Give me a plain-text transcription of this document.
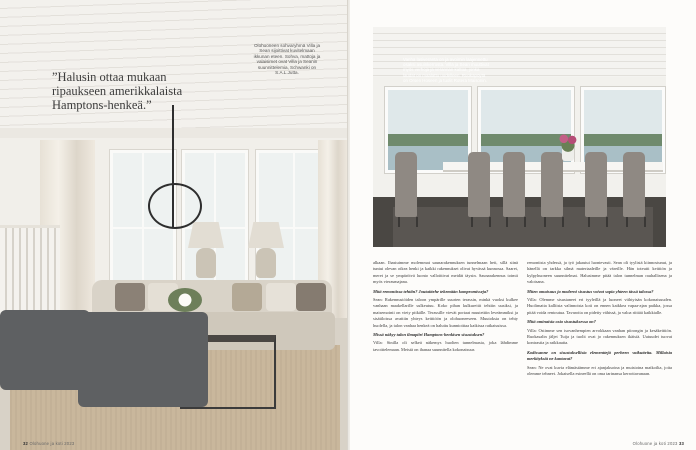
”Halusin ottaa mukaan ripaukseen amerikkalaista Hamptons-henkeä.”
Olohuoneen sohvaryhmä Villa ja Sean sijoittivat kuvitelmaan ikkunan eteen. Sohva, mattoja ja valaisimet ovat Villa ja Seanin suunnittelemia, Schwanki on S.A.L.Jutta.
32 Olohuone ja koti 2023
Vanha lasiveranta on ja avoimin laajennettu osaksi asuinkerrosta. Villa ja Sean muuttivat myös verhoja ja verannan kattoa, jonka laudat on maalattu uudelleen. Ruokapöytä on Orsen Hoseen ja tuolit Rotera Maisonin.

alkaan. Ihastuimme molemmat saunarakennuksen tunnelmaan heti, sillä siinä tuntui olevan oikea henki ja kaikki rakennukset olivat hyvässä kunnossa. Saaret, meret ja se ympäröivä luonto valloittivat meidät täysin. Saunarakennus toimii myös vierasmajana.

Mitä remontissa tehtiin? Joutuittehe tekemään kompromisseja?

Sean: Rakennustöiden taloon ympärille suurten terassin, minkä vuoksi kulkee vanhaan maakellarille sulkeutuu. Koko pihan kulkureitit tehtiin uusiksi, ja maisemointi on viety pitkälle. Terassille vievät portaat muutettiin leveämmiksi ja sisätiloissa avattiin yhteys keittiöön ja olohuoneeseen. Muutoksia on tehty huolella, ja talon vanhaa henkeä on haluttu kunnioittaa kaikissa ratkaisuissa.

Missä näkyy talon ilmapiiri Hamptons-henkisen sisustuksen?

Villa: Sinilla oli selkeä näkemys huolten tunnelmasta, joka lähdimme tavoittelemaan. Meistä on ihanaa suunnitella kokonaisuus

remontista yhdessä, ja työ jakautui luontevasti. Sean oli tyylistä kiinnostunut, ja hänellä on tarkka silmä materiaaleille ja väreille. Hän toteutti keittiön ja kylpyhuoneen suunnitelmat. Halusimme pitää talon tunnelman rauhallisena ja valoisana.

Miten omaisuus ja moderni sisustus voivat sopia yhteen tässä talossa?

Villa: Olemme sisustaneet eri tyyleillä ja luoneet viihtyisän kokonaisuuden. Huolimatta kalliista valinnoista koti on ennen kaikkea vapaa-ajan paikka, jossa pitää voida rentoutua. Tavaroita on pidetty vähissä, ja valoa riittää kaikkialle.

Mitä ominaisia osia sisustuksessa on?

Villa: Ostimme sen isovanhempien arvokkaan vanhan piirongin ja kesäkeittiön. Ruokasalin jäljet Tuija ja tuolit ovat jo rakennuksen ikäisiä. Uutuudet tuovat kontrastia ja raikkautta.

Kodissanne on sisustuksellisia elementtejä perheen vaikutteita. Millaisia merkityksiä ne kantavat?

Sean: Ne ovat kuvia elämästämme eri ajanjaksoina ja muistoina matkoilta, joita olemme tehneet. Jokaisella esineellä on oma tarinansa kerrottavanaan.

Olohuone ja koti 2023 33
